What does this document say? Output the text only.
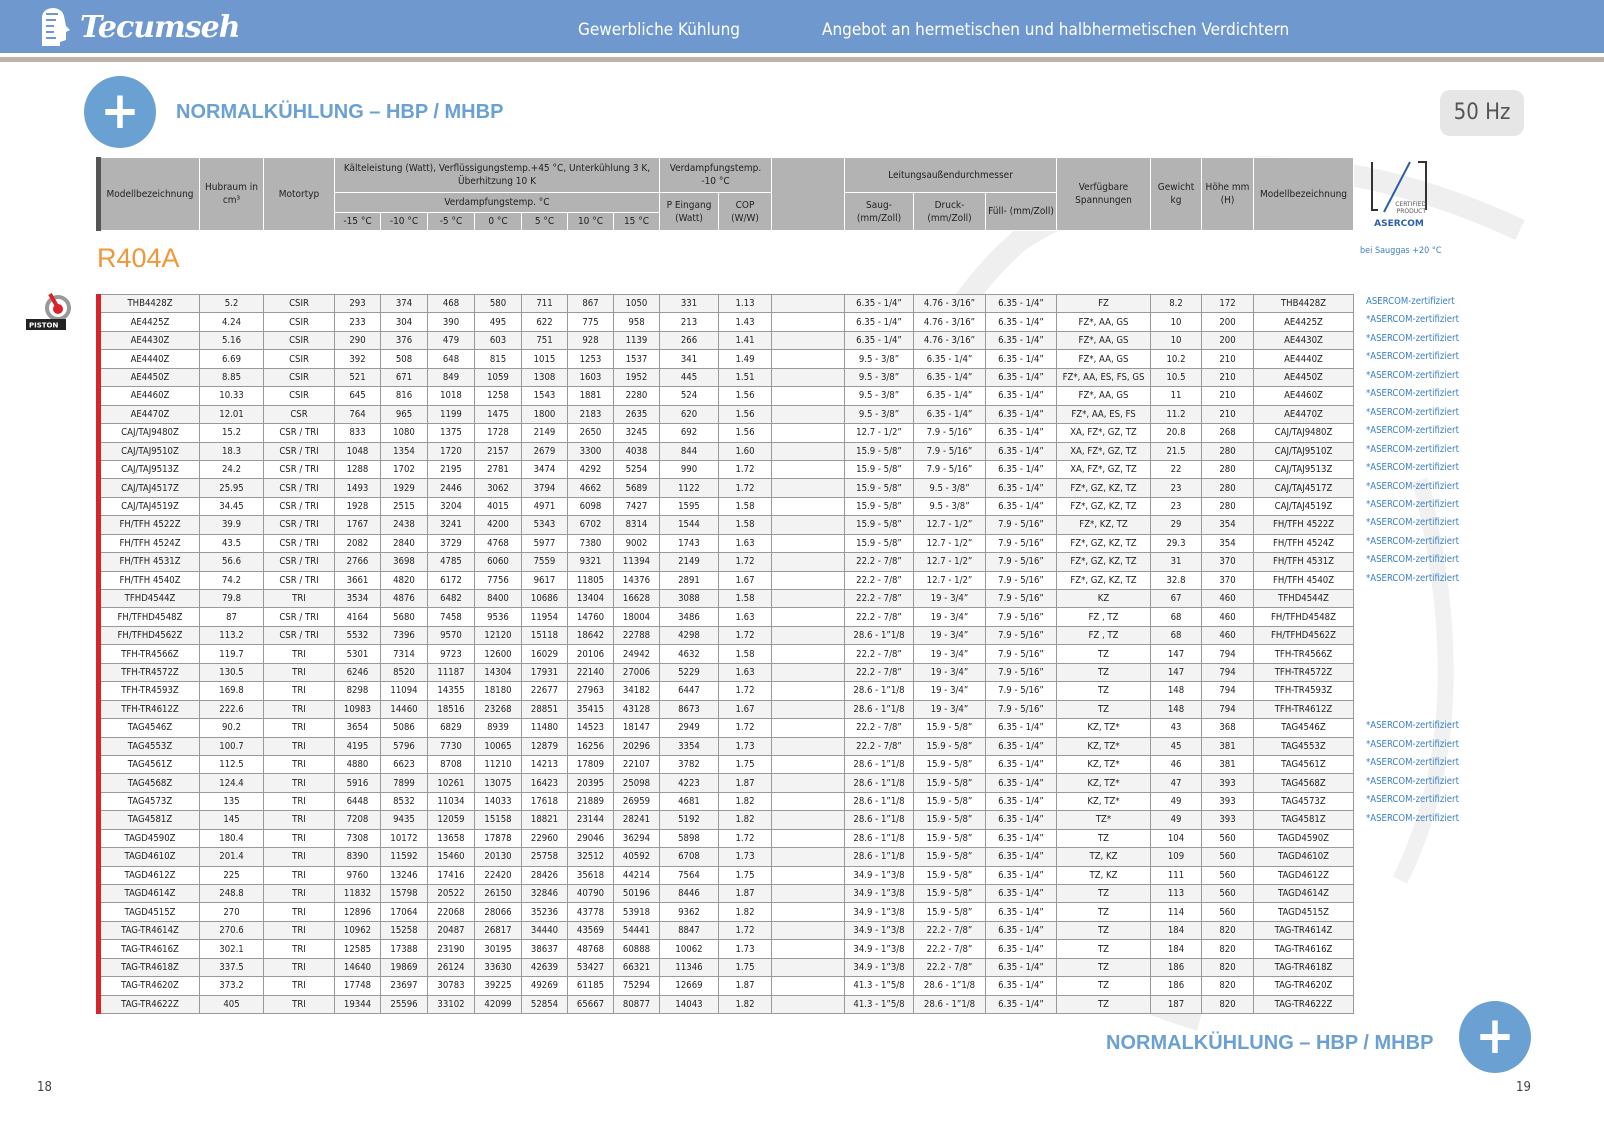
Tecumseh	Gewerbliche Kühlung	Angebot an hermetischen und halbhermetischen Verdichtern
+	NORMALKÜHLUNG – HBP / MHBP	50 Hz
Modellbezeichnung	Hubraum in cm³	Motortyp	Kälteleistung (Watt), Verflüssigungstemp.+45 °C, Unterkühlung 3 K, Überhitzung 10 K							Verdampfungstemp. -10 °C			Leitungsaußendurchmesser			Verfügbare Spannungen	Gewicht kg	Höhe mm (H)	Modellbezeichnung
			Verdampfungstemp. °C							P Eingang (Watt)	COP (W/W)		Saug- (mm/Zoll)	Druck- (mm/Zoll)	Füll- (mm/Zoll)				
			-15 °C	-10 °C	-5 °C	0 °C	5 °C	10 °C	15 °C										
CERTIFIED
PRODUCT
ASERCOM
bei Sauggas +20 °C
R404A
PISTON
THB4428Z	5.2	CSIR	293	374	468	580	711	867	1050	331	1.13		6.35 - 1/4”	4.76 - 3/16”	6.35 - 1/4”	FZ	8.2	172	THB4428Z
AE4425Z	4.24	CSIR	233	304	390	495	622	775	958	213	1.43		6.35 - 1/4”	4.76 - 3/16”	6.35 - 1/4”	FZ*, AA, GS	10	200	AE4425Z
AE4430Z	5.16	CSIR	290	376	479	603	751	928	1139	266	1.41		6.35 - 1/4”	4.76 - 3/16”	6.35 - 1/4”	FZ*, AA, GS	10	200	AE4430Z
AE4440Z	6.69	CSIR	392	508	648	815	1015	1253	1537	341	1.49		9.5 - 3/8”	6.35 - 1/4”	6.35 - 1/4”	FZ*, AA, GS	10.2	210	AE4440Z
AE4450Z	8.85	CSIR	521	671	849	1059	1308	1603	1952	445	1.51		9.5 - 3/8”	6.35 - 1/4”	6.35 - 1/4”	FZ*, AA, ES, FS, GS	10.5	210	AE4450Z
AE4460Z	10.33	CSIR	645	816	1018	1258	1543	1881	2280	524	1.56		9.5 - 3/8”	6.35 - 1/4”	6.35 - 1/4”	FZ*, AA, GS	11	210	AE4460Z
AE4470Z	12.01	CSR	764	965	1199	1475	1800	2183	2635	620	1.56		9.5 - 3/8”	6.35 - 1/4”	6.35 - 1/4”	FZ*, AA, ES, FS	11.2	210	AE4470Z
CAJ/TAJ9480Z	15.2	CSR / TRI	833	1080	1375	1728	2149	2650	3245	692	1.56		12.7 - 1/2”	7.9 - 5/16”	6.35 - 1/4”	XA, FZ*, GZ, TZ	20.8	268	CAJ/TAJ9480Z
CAJ/TAJ9510Z	18.3	CSR / TRI	1048	1354	1720	2157	2679	3300	4038	844	1.60		15.9 - 5/8”	7.9 - 5/16”	6.35 - 1/4”	XA, FZ*, GZ, TZ	21.5	280	CAJ/TAJ9510Z
CAJ/TAJ9513Z	24.2	CSR / TRI	1288	1702	2195	2781	3474	4292	5254	990	1.72		15.9 - 5/8”	7.9 - 5/16”	6.35 - 1/4”	XA, FZ*, GZ, TZ	22	280	CAJ/TAJ9513Z
CAJ/TAJ4517Z	25.95	CSR / TRI	1493	1929	2446	3062	3794	4662	5689	1122	1.72		15.9 - 5/8”	9.5 - 3/8”	6.35 - 1/4”	FZ*, GZ, KZ, TZ	23	280	CAJ/TAJ4517Z
CAJ/TAJ4519Z	34.45	CSR / TRI	1928	2515	3204	4015	4971	6098	7427	1595	1.58		15.9 - 5/8”	9.5 - 3/8”	6.35 - 1/4”	FZ*, GZ, KZ, TZ	23	280	CAJ/TAJ4519Z
FH/TFH 4522Z	39.9	CSR / TRI	1767	2438	3241	4200	5343	6702	8314	1544	1.58		15.9 - 5/8”	12.7 - 1/2”	7.9 - 5/16”	FZ*, KZ, TZ	29	354	FH/TFH 4522Z
FH/TFH 4524Z	43.5	CSR / TRI	2082	2840	3729	4768	5977	7380	9002	1743	1.63		15.9 - 5/8”	12.7 - 1/2”	7.9 - 5/16”	FZ*, GZ, KZ, TZ	29.3	354	FH/TFH 4524Z
FH/TFH 4531Z	56.6	CSR / TRI	2766	3698	4785	6060	7559	9321	11394	2149	1.72		22.2 - 7/8”	12.7 - 1/2”	7.9 - 5/16”	FZ*, GZ, KZ, TZ	31	370	FH/TFH 4531Z
FH/TFH 4540Z	74.2	CSR / TRI	3661	4820	6172	7756	9617	11805	14376	2891	1.67		22.2 - 7/8”	12.7 - 1/2”	7.9 - 5/16”	FZ*, GZ, KZ, TZ	32.8	370	FH/TFH 4540Z
TFHD4544Z	79.8	TRI	3534	4876	6482	8400	10686	13404	16628	3088	1.58		22.2 - 7/8”	19 - 3/4”	7.9 - 5/16”	KZ	67	460	TFHD4544Z
FH/TFHD4548Z	87	CSR / TRI	4164	5680	7458	9536	11954	14760	18004	3486	1.63		22.2 - 7/8”	19 - 3/4”	7.9 - 5/16”	FZ , TZ	68	460	FH/TFHD4548Z
FH/TFHD4562Z	113.2	CSR / TRI	5532	7396	9570	12120	15118	18642	22788	4298	1.72		28.6 - 1”1/8	19 - 3/4”	7.9 - 5/16”	FZ , TZ	68	460	FH/TFHD4562Z
TFH-TR4566Z	119.7	TRI	5301	7314	9723	12600	16029	20106	24942	4632	1.58		22.2 - 7/8”	19 - 3/4”	7.9 - 5/16”	TZ	147	794	TFH-TR4566Z
TFH-TR4572Z	130.5	TRI	6246	8520	11187	14304	17931	22140	27006	5229	1.63		22.2 - 7/8”	19 - 3/4”	7.9 - 5/16”	TZ	147	794	TFH-TR4572Z
TFH-TR4593Z	169.8	TRI	8298	11094	14355	18180	22677	27963	34182	6447	1.72		28.6 - 1”1/8	19 - 3/4”	7.9 - 5/16”	TZ	148	794	TFH-TR4593Z
TFH-TR4612Z	222.6	TRI	10983	14460	18516	23268	28851	35415	43128	8673	1.67		28.6 - 1”1/8	19 - 3/4”	7.9 - 5/16”	TZ	148	794	TFH-TR4612Z
TAG4546Z	90.2	TRI	3654	5086	6829	8939	11480	14523	18147	2949	1.72		22.2 - 7/8”	15.9 - 5/8”	6.35 - 1/4”	KZ, TZ*	43	368	TAG4546Z
TAG4553Z	100.7	TRI	4195	5796	7730	10065	12879	16256	20296	3354	1.73		22.2 - 7/8”	15.9 - 5/8”	6.35 - 1/4”	KZ, TZ*	45	381	TAG4553Z
TAG4561Z	112.5	TRI	4880	6623	8708	11210	14213	17809	22107	3782	1.75		28.6 - 1”1/8	15.9 - 5/8”	6.35 - 1/4”	KZ, TZ*	46	381	TAG4561Z
TAG4568Z	124.4	TRI	5916	7899	10261	13075	16423	20395	25098	4223	1.87		28.6 - 1”1/8	15.9 - 5/8”	6.35 - 1/4”	KZ, TZ*	47	393	TAG4568Z
TAG4573Z	135	TRI	6448	8532	11034	14033	17618	21889	26959	4681	1.82		28.6 - 1”1/8	15.9 - 5/8”	6.35 - 1/4”	KZ, TZ*	49	393	TAG4573Z
TAG4581Z	145	TRI	7208	9435	12059	15158	18821	23144	28241	5192	1.82		28.6 - 1”1/8	15.9 - 5/8”	6.35 - 1/4”	TZ*	49	393	TAG4581Z
TAGD4590Z	180.4	TRI	7308	10172	13658	17878	22960	29046	36294	5898	1.72		28.6 - 1”1/8	15.9 - 5/8”	6.35 - 1/4”	TZ	104	560	TAGD4590Z
TAGD4610Z	201.4	TRI	8390	11592	15460	20130	25758	32512	40592	6708	1.73		28.6 - 1”1/8	15.9 - 5/8”	6.35 - 1/4”	TZ, KZ	109	560	TAGD4610Z
TAGD4612Z	225	TRI	9760	13246	17416	22420	28426	35618	44214	7564	1.75		34.9 - 1”3/8	15.9 - 5/8”	6.35 - 1/4”	TZ, KZ	111	560	TAGD4612Z
TAGD4614Z	248.8	TRI	11832	15798	20522	26150	32846	40790	50196	8446	1.87		34.9 - 1”3/8	15.9 - 5/8”	6.35 - 1/4”	TZ	113	560	TAGD4614Z
TAGD4515Z	270	TRI	12896	17064	22068	28066	35236	43778	53918	9362	1.82		34.9 - 1”3/8	15.9 - 5/8”	6.35 - 1/4”	TZ	114	560	TAGD4515Z
TAG-TR4614Z	270.6	TRI	10962	15258	20487	26817	34440	43569	54441	8847	1.72		34.9 - 1”3/8	22.2 - 7/8”	6.35 - 1/4”	TZ	184	820	TAG-TR4614Z
TAG-TR4616Z	302.1	TRI	12585	17388	23190	30195	38637	48768	60888	10062	1.73		34.9 - 1”3/8	22.2 - 7/8”	6.35 - 1/4”	TZ	184	820	TAG-TR4616Z
TAG-TR4618Z	337.5	TRI	14640	19869	26124	33630	42639	53427	66321	11346	1.75		34.9 - 1”3/8	22.2 - 7/8”	6.35 - 1/4”	TZ	186	820	TAG-TR4618Z
TAG-TR4620Z	373.2	TRI	17748	23697	30783	39225	49269	61185	75294	12669	1.87		41.3 - 1”5/8	28.6 - 1”1/8	6.35 - 1/4”	TZ	186	820	TAG-TR4620Z
TAG-TR4622Z	405	TRI	19344	25596	33102	42099	52854	65667	80877	14043	1.82		41.3 - 1”5/8	28.6 - 1”1/8	6.35 - 1/4”	TZ	187	820	TAG-TR4622Z
ASERCOM-zertifiziert
*ASERCOM-zertifiziert
*ASERCOM-zertifiziert
*ASERCOM-zertifiziert
*ASERCOM-zertifiziert
*ASERCOM-zertifiziert
*ASERCOM-zertifiziert
*ASERCOM-zertifiziert
*ASERCOM-zertifiziert
*ASERCOM-zertifiziert
*ASERCOM-zertifiziert
*ASERCOM-zertifiziert
*ASERCOM-zertifiziert
*ASERCOM-zertifiziert
*ASERCOM-zertifiziert
*ASERCOM-zertifiziert
*ASERCOM-zertifiziert
*ASERCOM-zertifiziert
*ASERCOM-zertifiziert
*ASERCOM-zertifiziert
*ASERCOM-zertifiziert
*ASERCOM-zertifiziert
NORMALKÜHLUNG – HBP / MHBP +
18	19
